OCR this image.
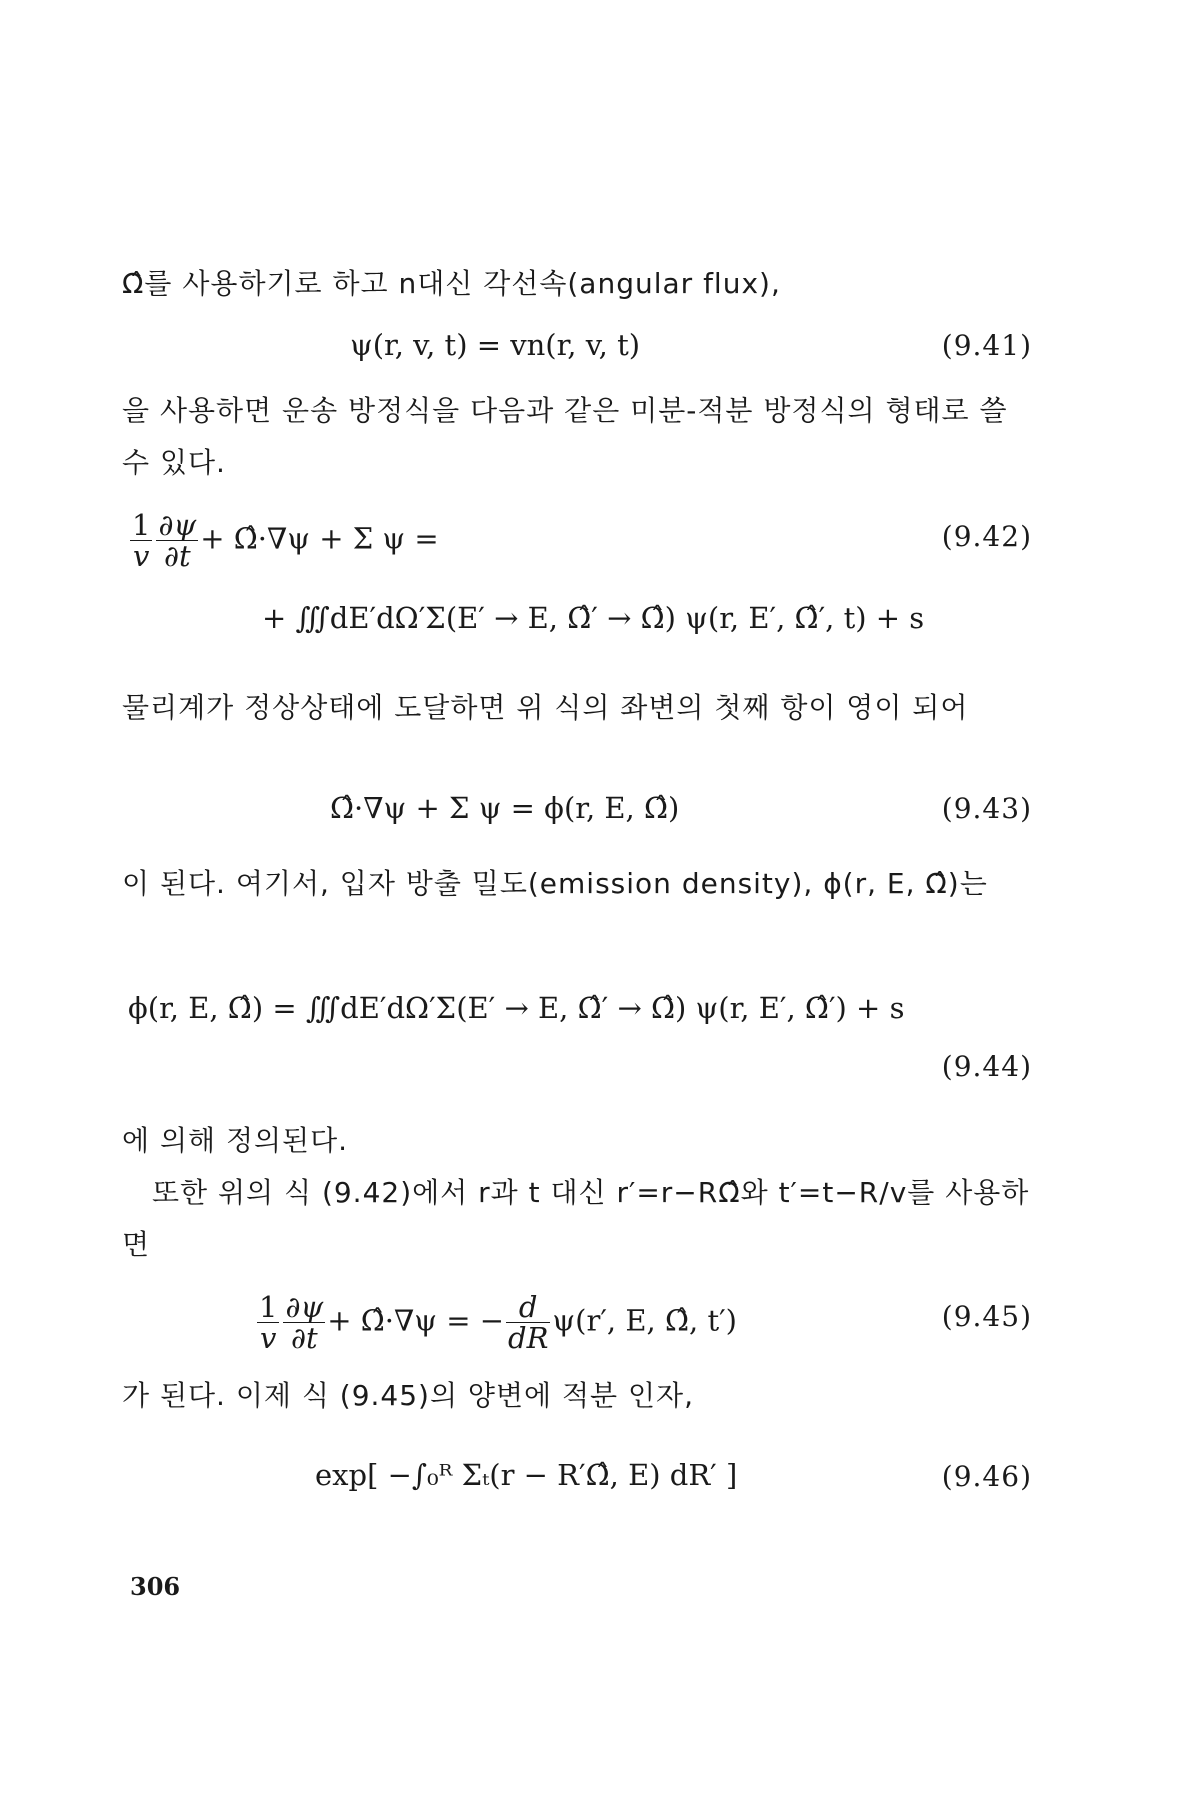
Ω̂를 사용하기로 하고 n대신 각선속(angular flux),
ψ(r, v, t) = vn(r, v, t)	(9.41)
을 사용하면 운송 방정식을 다음과 같은 미분-적분 방정식의 형태로 쓸 수 있다.
$\frac{1}{v} \frac{\partial\psi}{\partial t}$ + Ω̂·∇ψ + Σ ψ =	(9.42)
+ ∭dE′dΩ′Σ(E′ → E, Ω̂′ → Ω̂) ψ(r, E′, Ω̂′, t) + s
물리계가 정상상태에 도달하면 위 식의 좌변의 첫째 항이 영이 되어
Ω̂·∇ψ + Σ ψ = ϕ(r, E, Ω̂)	(9.43)
이 된다. 여기서, 입자 방출 밀도(emission density), ϕ(r, E, Ω̂)는
ϕ(r, E, Ω̂) = ∭dE′dΩ′Σ(E′ → E, Ω̂′ → Ω̂) ψ(r, E′, Ω̂′) + s
(9.44)
에 의해 정의된다.
또한 위의 식 (9.42)에서 r과 t 대신 r′=r−RΩ̂와 t′=t−R/v를 사용하면
$\frac{1}{v} \frac{\partial\psi}{\partial t}$ + Ω̂·∇ψ = − $\frac{d}{dR} \psi(r'$, E, Ω̂, t′)	(9.45)
가 된다. 이제 식 (9.45)의 양변에 적분 인자,
exp[ −∫₀ᴿ Σₜ(r − R′Ω̂, E) dR′ ]	(9.46)
306
